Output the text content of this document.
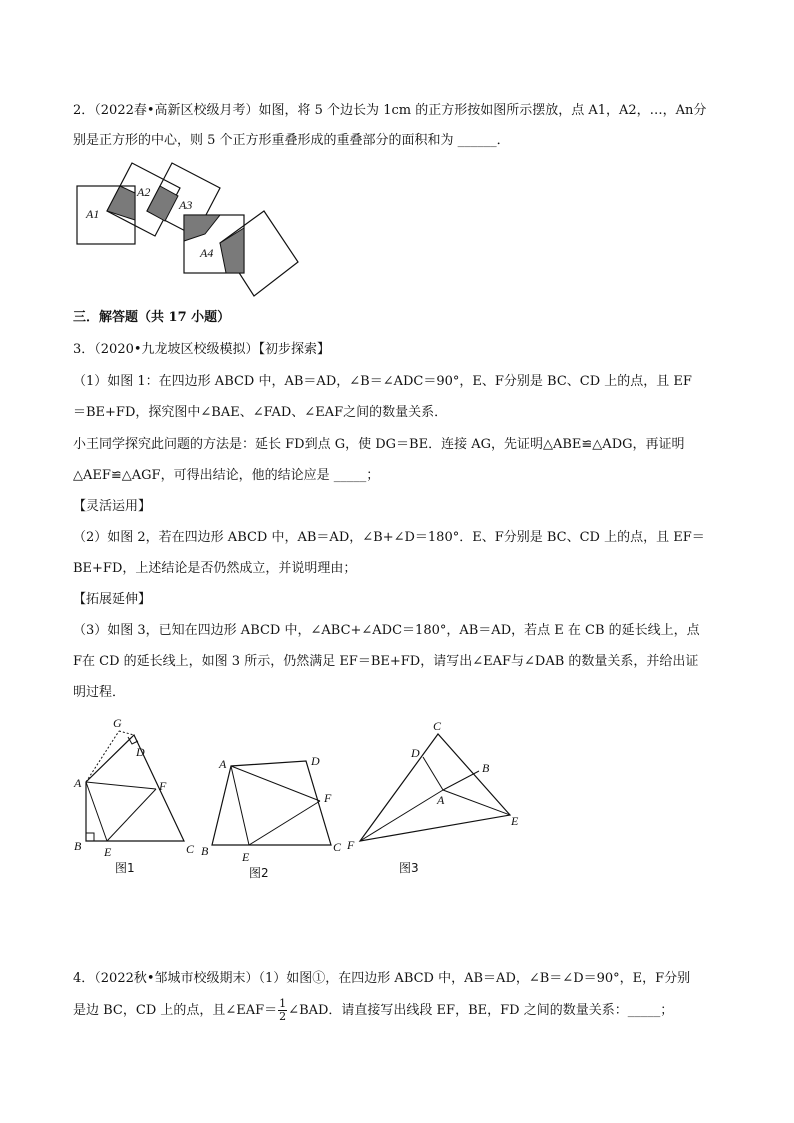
2．（2022春•高新区校级月考）如图，将 5 个边长为 1cm 的正方形按如图所示摆放，点 A1，A2，…，An分
别是正方形的中心，则 5 个正方形重叠形成的重叠部分的面积和为 ______．
A1
A2
A3
A4
三．解答题（共 17 小题）
3．（2020•九龙坡区校级模拟）【初步探索】
（1）如图 1：在四边形 ABCD 中，AB＝AD，∠B＝∠ADC＝90°，E、F分别是 BC、CD 上的点，且 EF
＝BE+FD，探究图中∠BAE、∠FAD、∠EAF之间的数量关系．
小王同学探究此问题的方法是：延长 FD到点 G，使 DG＝BE．连接 AG，先证明△ABE≌△ADG，再证明
△AEF≌△AGF，可得出结论，他的结论应是 _____；
【灵活运用】
（2）如图 2，若在四边形 ABCD 中，AB＝AD，∠B+∠D＝180°．E、F分别是 BC、CD 上的点，且 EF＝
BE+FD，上述结论是否仍然成立，并说明理由；
【拓展延伸】
（3）如图 3，已知在四边形 ABCD 中，∠ABC+∠ADC＝180°，AB＝AD，若点 E 在 CB 的延长线上，点
F在 CD 的延长线上，如图 3 所示，仍然满足 EF＝BE+FD，请写出∠EAF与∠DAB 的数量关系，并给出证
明过程．
G
D
A	F
B E	C
图1
A	D
F
B	E
C
图2
C
D
B
A
E
F
图3
4．（2022秋•邹城市校级期末）（1）如图①，在四边形 ABCD 中，AB＝AD，∠B＝∠D＝90°，E，F分别
是边 BC，CD 上的点，且∠EAF＝ $\frac{1}{2}$ ∠BAD．请直接写出线段 EF，BE，FD 之间的数量关系：_____；
